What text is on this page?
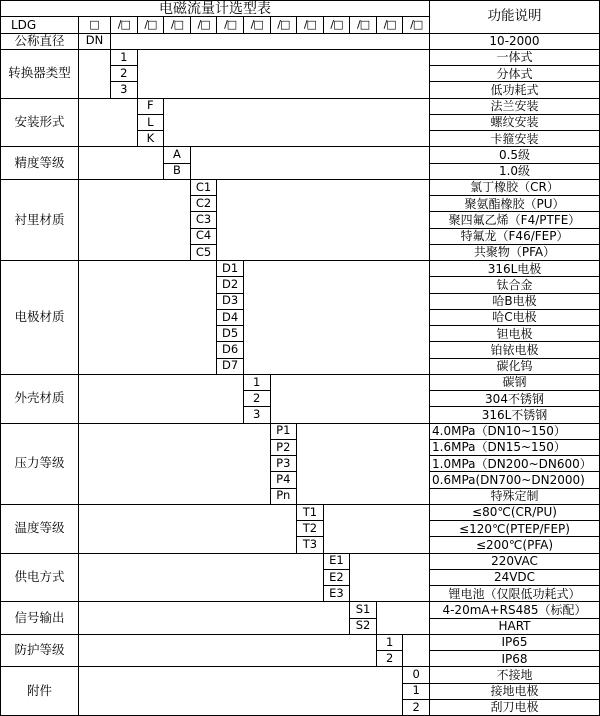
电磁流量计选型表	功能说明
LDG	□	/□	/□	/□	/□	/□	/□	/□	/□	/□	/□	/□	/□
公称直径	DN	10-2000
转换器类型
1	一体式
2	分体式
3	低功耗式
安装形式
F	法兰安装
L	螺纹安装
K	卡箍安装
精度等级
A	0.5级
B	1.0级
衬里材质
C1	氯丁橡胶（CR）
C2	聚氨酯橡胶（PU）
C3	聚四氟乙烯（F4/PTFE）
C4	特氟龙（F46/FEP）
C5	共聚物（PFA）
电极材质
D1	316L电极
D2	钛合金
D3	哈B电极
D4	哈C电极
D5	钽电极
D6	铂铱电极
D7	碳化钨
外壳材质
1	碳钢
2	304不锈钢
3	316L不锈钢
压力等级
P1	4.0MPa（DN10~150）
P2	1.6MPa（DN15~150）
P3	1.0MPa（DN200~DN600）
P4	0.6MPa(DN700~DN2000)
Pn	特殊定制
温度等级
T1	≤80℃(CR/PU)
T2	≤120℃(PTEP/FEP)
T3	≤200℃(PFA)
供电方式
E1	220VAC
E2	24VDC
E3	锂电池（仅限低功耗式）
信号输出
S1	4-20mA+RS485（标配）
S2	HART
防护等级
1	IP65
2	IP68
附件
0	不接地
1	接地电极
2	刮刀电极
